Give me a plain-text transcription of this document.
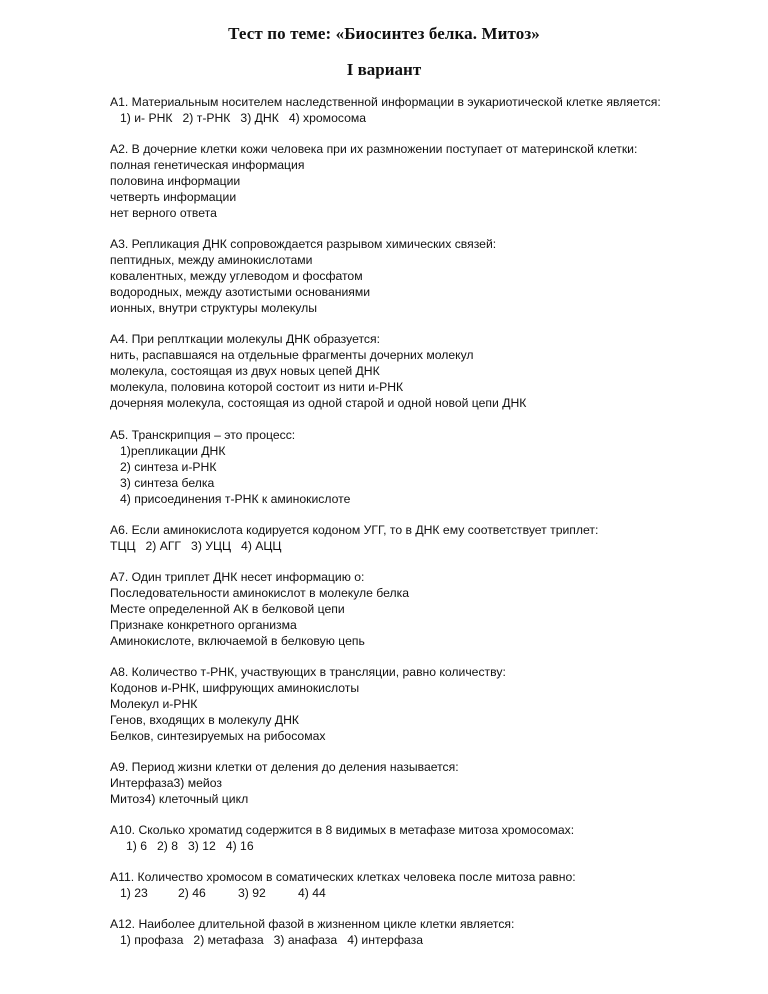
Тест по теме: «Биосинтез белка. Митоз»
I вариант
А1. Материальным носителем наследственной информации в эукариотической клетке является:
1) и- РНК 2) т-РНК 3) ДНК 4) хромосома
А2. В дочерние клетки кожи человека при их размножении поступает от материнской клетки:
полная генетическая информация
половина информации
четверть информации
нет верного ответа
А3. Репликация ДНК сопровождается разрывом химических связей:
пептидных, между аминокислотами
ковалентных, между углеводом и фосфатом
водородных, между азотистыми основаниями
ионных, внутри структуры молекулы
А4. При реплткации молекулы ДНК образуется:
нить, распавшаяся на отдельные фрагменты дочерних молекул
молекула, состоящая из двух новых цепей ДНК
молекула, половина которой состоит из нити и-РНК
дочерняя молекула, состоящая из одной старой и одной новой цепи ДНК
А5. Транскрипция – это процесс:
1)репликации ДНК
2) синтеза и-РНК
3) синтеза белка
4) присоединения т-РНК к аминокислоте
А6. Если аминокислота кодируется кодоном УГГ, то в ДНК ему соответствует триплет:
ТЦЦ 2) АГГ 3) УЦЦ 4) АЦЦ
А7. Один триплет ДНК несет информацию о:
Последовательности аминокислот в молекуле белка
Месте определенной АК в белковой цепи
Признаке конкретного организма
Аминокислоте, включаемой в белковую цепь
А8. Количество т-РНК, участвующих в трансляции, равно количеству:
Кодонов и-РНК, шифрующих аминокислоты
Молекул и-РНК
Генов, входящих в молекулу ДНК
Белков, синтезируемых на рибосомах
А9. Период жизни клетки от деления до деления называется:
Интерфаза3) мейоз
Митоз4) клеточный цикл
А10. Сколько хроматид содержится в 8 видимых в метафазе митоза хромосомах:
1) 6 2) 8 3) 12 4) 16
А11. Количество хромосом в соматических клетках человека после митоза равно:
1) 23 2) 46	3) 92	4) 44
А12. Наиболее длительной фазой в жизненном цикле клетки является:
1) профаза 2) метафаза 3) анафаза 4) интерфаза
